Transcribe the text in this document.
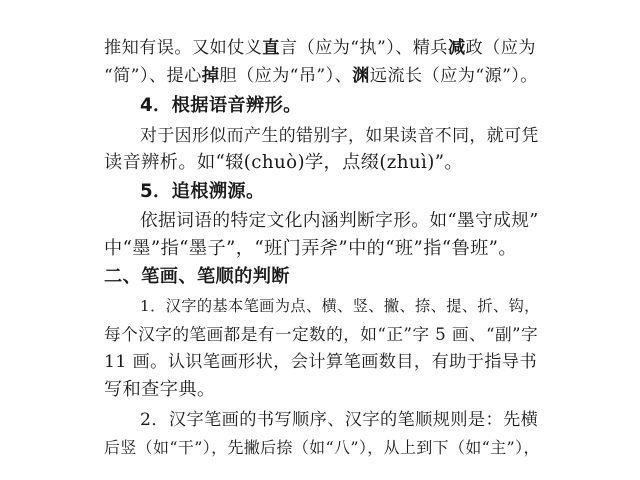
推知有误。又如仗义直言（应为“执”）、精兵减政（应为
“简”）、提心掉胆（应为“吊”）、渊远流长（应为“源”）。
4．根据语音辨形。
对于因形似而产生的错别字，如果读音不同，就可凭
读音辨析。如“辍(chuò)学，点缀(zhuì)”。
5．追根溯源。
依据词语的特定文化内涵判断字形。如“墨守成规”
中“墨”指“墨子”，“班门弄斧”中的“班”指“鲁班”。
二、笔画、笔顺的判断
1．汉字的基本笔画为点、横、竖、撇、捺、提、折、钩，
每个汉字的笔画都是有一定数的，如“正”字 5 画、“副”字
11 画。认识笔画形状，会计算笔画数目，有助于指导书
写和查字典。
2．汉字笔画的书写顺序、汉字的笔顺规则是：先横
后竖（如“干”），先撇后捺（如“八”），从上到下（如“主”），
